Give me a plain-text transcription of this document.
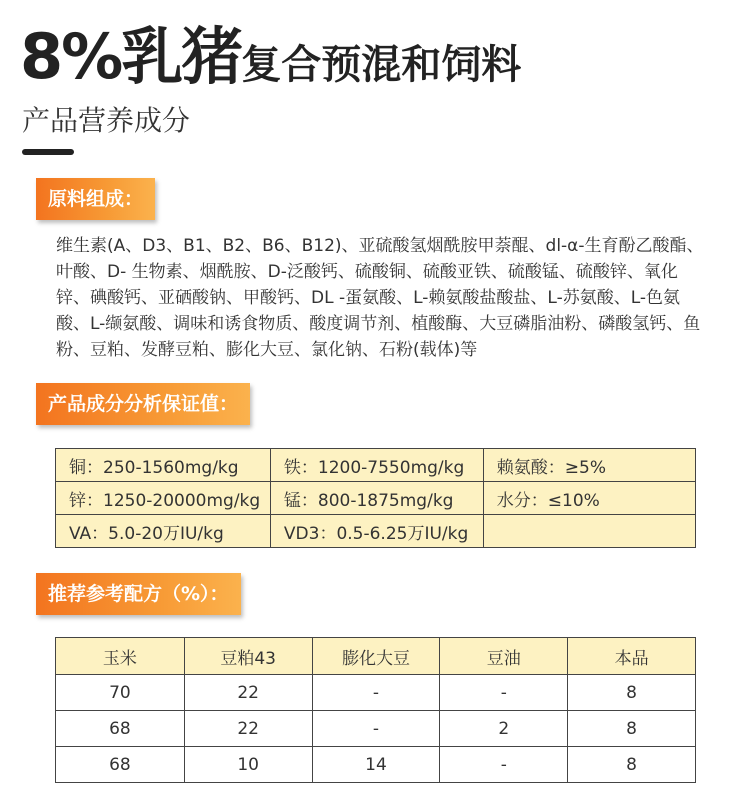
8%乳猪复合预混和饲料
产品营养成分
原料组成：
维生素(A、D3、B1、B2、B6、B12)、亚硫酸氢烟酰胺甲萘醌、dl-α-生育酚乙酸酯、叶酸、D- 生物素、烟酰胺、D-泛酸钙、硫酸铜、硫酸亚铁、硫酸锰、硫酸锌、氧化锌、碘酸钙、亚硒酸钠、甲酸钙、DL -蛋氨酸、L-赖氨酸盐酸盐、L-苏氨酸、L-色氨酸、L-缬氨酸、调味和诱食物质、酸度调节剂、植酸酶、大豆磷脂油粉、磷酸氢钙、鱼粉、豆粕、发酵豆粕、膨化大豆、氯化钠、石粉(载体)等
产品成分分析保证值：
铜：250-1560mg/kg	铁：1200-7550mg/kg	赖氨酸：≥5%
锌：1250-20000mg/kg	锰：800-1875mg/kg	水分：≤10%
VA：5.0-20万IU/kg	VD3：0.5-6.25万IU/kg	
推荐参考配方（%）：
玉米	豆粕43	膨化大豆	豆油	本品
70	22	-	-	8
68	22	-	2	8
68	10	14	-	8
